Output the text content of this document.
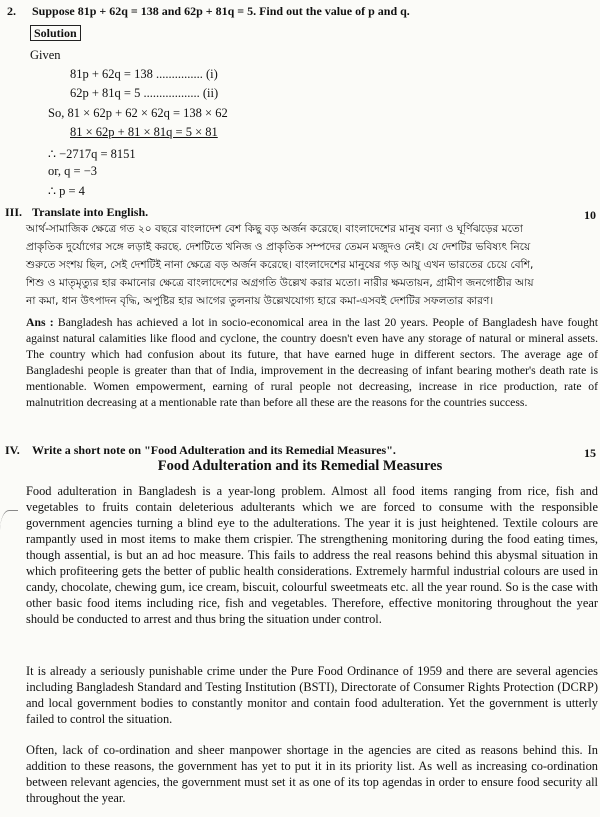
2. Suppose 81p + 62q = 138 and 62p + 81q = 5. Find out the value of p and q.
Solution
Given
81p + 62q = 138 ............... (i)
62p + 81q = 5 .................. (ii)
So, 81 × 62p + 62 × 62q = 138 × 62
81 × 62p + 81 × 81q = 5 × 81
∴ −2717q = 8151
or, q = −3
∴ p = 4
III. Translate into English.	10
আর্থ-সামাজিক ক্ষেত্রে গত ২০ বছরে বাংলাদেশ বেশ কিছু বড় অর্জন করেছে। বাংলাদেশের মানুষ বন্যা ও ঘূর্ণিঝড়ের মতো
প্রাকৃতিক দুর্যোগের সঙ্গে লড়াই করছে. দেশটিতে খনিজ ও প্রাকৃতিক সম্পদের তেমন মজুদও নেই। যে দেশটির ভবিষ্যৎ নিয়ে
শুরুতে সংশয় ছিল, সেই দেশটিই নানা ক্ষেত্রে বড় অর্জন করেছে। বাংলাদেশের মানুষের গড় আয়ু এখন ভারতের চেয়ে বেশি,
শিশু ও মাতৃমৃত্যুর হার কমানোর ক্ষেত্রে বাংলাদেশের অগ্রগতি উল্লেখ করার মতো। নারীর ক্ষমতায়ন, গ্রামীণ জনগোষ্ঠীর আয়
না কমা, ধান উৎপাদন বৃদ্ধি, অপুষ্টির হার আগের তুলনায় উল্লেখযোগ্য হারে কমা-এসবই দেশটির সফলতার কারণ।
Ans : Bangladesh has achieved a lot in socio-economical area in the last 20 years. People of Bangladesh have fought against natural calamities like flood and cyclone, the country doesn't even have any storage of natural or mineral assets. The country which had confusion about its future, that have earned huge in different sectors. The average age of Bangladeshi people is greater than that of India, improvement in the decreasing of infant bearing mother's death rate is mentionable. Women empowerment, earning of rural people not decreasing, increase in rice production, rate of malnutrition decreasing at a mentionable rate than before all these are the reasons for the countries success.
IV. Write a short note on "Food Adulteration and its Remedial Measures".	15
Food Adulteration and its Remedial Measures
Food adulteration in Bangladesh is a year-long problem. Almost all food items ranging from rice, fish and vegetables to fruits contain deleterious adulterants which we are forced to consume with the responsible government agencies turning a blind eye to the adulterations. The year it is just heightened. Textile colours are rampantly used in most items to make them crispier. The strengthening monitoring during the food eating times, though assential, is but an ad hoc measure. This fails to address the real reasons behind this abysmal situation in which profiteering gets the better of public health considerations. Extremely harmful industrial colours are used in candy, chocolate, chewing gum, ice cream, biscuit, colourful sweetmeats etc. all the year round. So is the case with other basic food items including rice, fish and vegetables. Therefore, effective monitoring throughout the year should be conducted to arrest and thus bring the situation under control.
It is already a seriously punishable crime under the Pure Food Ordinance of 1959 and there are several agencies including Bangladesh Standard and Testing Institution (BSTI), Directorate of Consumer Rights Protection (DCRP) and local government bodies to constantly monitor and contain food adulteration. Yet the government is utterly failed to control the situation.
Often, lack of co-ordination and sheer manpower shortage in the agencies are cited as reasons behind this. In addition to these reasons, the government has yet to put it in its priority list. As well as increasing co-ordination between relevant agencies, the government must set it as one of its top agendas in order to ensure food security all throughout the year.
